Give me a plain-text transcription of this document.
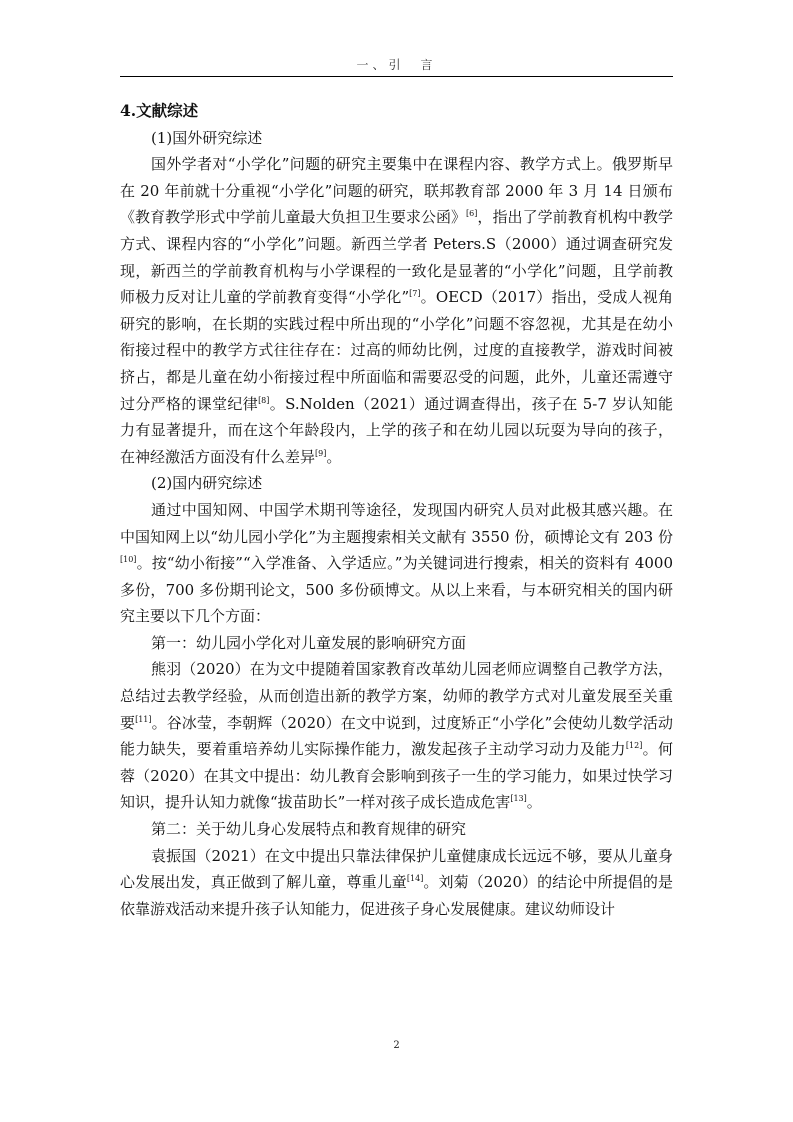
一、引　言

4.文献综述

(1)国外研究综述

国外学者对“小学化”问题的研究主要集中在课程内容、教学方式上。俄罗斯早在 20 年前就十分重视“小学化”问题的研究，联邦教育部 2000 年 3 月 14 日颁布《教育教学形式中学前儿童最大负担卫生要求公函》[6]，指出了学前教育机构中教学方式、课程内容的“小学化”问题。新西兰学者 Peters.S（2000）通过调查研究发现，新西兰的学前教育机构与小学课程的一致化是显著的“小学化”问题，且学前教师极力反对让儿童的学前教育变得“小学化”[7]。OECD（2017）指出，受成人视角研究的影响，在长期的实践过程中所出现的“小学化”问题不容忽视，尤其是在幼小衔接过程中的教学方式往往存在：过高的师幼比例，过度的直接教学，游戏时间被挤占，都是儿童在幼小衔接过程中所面临和需要忍受的问题，此外，儿童还需遵守过分严格的课堂纪律[8]。S.Nolden（2021）通过调查得出，孩子在 5-7 岁认知能力有显著提升，而在这个年龄段内，上学的孩子和在幼儿园以玩耍为导向的孩子，在神经激活方面没有什么差异[9]。

(2)国内研究综述

通过中国知网、中国学术期刊等途径，发现国内研究人员对此极其感兴趣。在中国知网上以“幼儿园小学化”为主题搜索相关文献有 3550 份，硕博论文有 203 份[10]。按“幼小衔接”“入学准备、入学适应。”为关键词进行搜索，相关的资料有 4000 多份，700 多份期刊论文，500 多份硕博文。从以上来看，与本研究相关的国内研究主要以下几个方面：

第一：幼儿园小学化对儿童发展的影响研究方面

熊羽（2020）在为文中提随着国家教育改革幼儿园老师应调整自己教学方法，总结过去教学经验，从而创造出新的教学方案，幼师的教学方式对儿童发展至关重要[11]。谷冰莹，李朝辉（2020）在文中说到，过度矫正“小学化”会使幼儿数学活动能力缺失，要着重培养幼儿实际操作能力，激发起孩子主动学习动力及能力[12]。何蓉（2020）在其文中提出：幼儿教育会影响到孩子一生的学习能力，如果过快学习知识，提升认知力就像“拔苗助长”一样对孩子成长造成危害[13]。

第二：关于幼儿身心发展特点和教育规律的研究

袁振国（2021）在文中提出只靠法律保护儿童健康成长远远不够，要从儿童身心发展出发，真正做到了解儿童，尊重儿童[14]。刘菊（2020）的结论中所提倡的是依靠游戏活动来提升孩子认知能力，促进孩子身心发展健康。建议幼师设计

2
